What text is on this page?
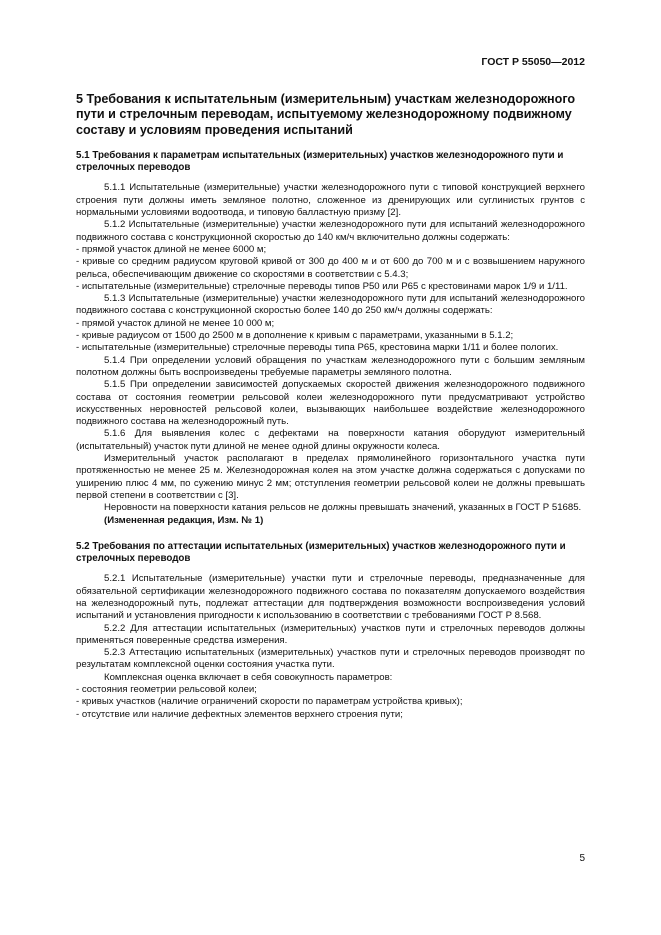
ГОСТ Р 55050—2012
5 Требования к испытательным (измерительным) участкам железнодорожного пути и стрелочным переводам, испытуемому железнодорожному подвижному составу и условиям проведения испытаний
5.1 Требования к параметрам испытательных (измерительных) участков железнодорожного пути и стрелочных переводов

5.1.1 Испытательные (измерительные) участки железнодорожного пути с типовой конструкцией верхнего строения пути должны иметь земляное полотно, сложенное из дренирующих или суглинистых грунтов с нормальными условиями водоотвода, и типовую балластную призму [2].

5.1.2 Испытательные (измерительные) участки железнодорожного пути для испытаний железнодорожного подвижного состава с конструкционной скоростью до 140 км/ч включительно должны содержать:

- прямой участок длиной не менее 6000 м;

- кривые со средним радиусом круговой кривой от 300 до 400 м и от 600 до 700 м и с возвышением наружного рельса, обеспечивающим движение со скоростями в соответствии с 5.4.3;

- испытательные (измерительные) стрелочные переводы типов Р50 или Р65 с крестовинами марок 1/9 и 1/11.

5.1.3 Испытательные (измерительные) участки железнодорожного пути для испытаний железнодорожного подвижного состава с конструкционной скоростью более 140 до 250 км/ч должны содержать:

- прямой участок длиной не менее 10 000 м;

- кривые радиусом от 1500 до 2500 м в дополнение к кривым с параметрами, указанными в 5.1.2;

- испытательные (измерительные) стрелочные переводы типа Р65, крестовина марки 1/11 и более пологих.

5.1.4 При определении условий обращения по участкам железнодорожного пути с большим земляным полотном должны быть воспроизведены требуемые параметры земляного полотна.

5.1.5 При определении зависимостей допускаемых скоростей движения железнодорожного подвижного состава от состояния геометрии рельсовой колеи железнодорожного пути предусматривают устройство искусственных неровностей рельсовой колеи, вызывающих наибольшее воздействие железнодорожного подвижного состава на железнодорожный путь.

5.1.6 Для выявления колес с дефектами на поверхности катания оборудуют измерительный (испытательный) участок пути длиной не менее одной длины окружности колеса.

Измерительный участок располагают в пределах прямолинейного горизонтального участка пути протяженностью не менее 25 м. Железнодорожная колея на этом участке должна содержаться с допусками по уширению плюс 4 мм, по сужению минус 2 мм; отступления геометрии рельсовой колеи не должны превышать первой степени в соответствии с [3].

Неровности на поверхности катания рельсов не должны превышать значений, указанных в ГОСТ Р 51685.

(Измененная редакция, Изм. № 1)

5.2 Требования по аттестации испытательных (измерительных) участков железнодорожного пути и стрелочных переводов

5.2.1 Испытательные (измерительные) участки пути и стрелочные переводы, предназначенные для обязательной сертификации железнодорожного подвижного состава по показателям допускаемого воздействия на железнодорожный путь, подлежат аттестации для подтверждения возможности воспроизведения условий испытаний и установления пригодности к использованию в соответствии с требованиями ГОСТ Р 8.568.

5.2.2 Для аттестации испытательных (измерительных) участков пути и стрелочных переводов должны применяться поверенные средства измерения.

5.2.3 Аттестацию испытательных (измерительных) участков пути и стрелочных переводов производят по результатам комплексной оценки состояния участка пути.

Комплексная оценка включает в себя совокупность параметров:

- состояния геометрии рельсовой колеи;

- кривых участков (наличие ограничений скорости по параметрам устройства кривых);

- отсутствие или наличие дефектных элементов верхнего строения пути;

5
